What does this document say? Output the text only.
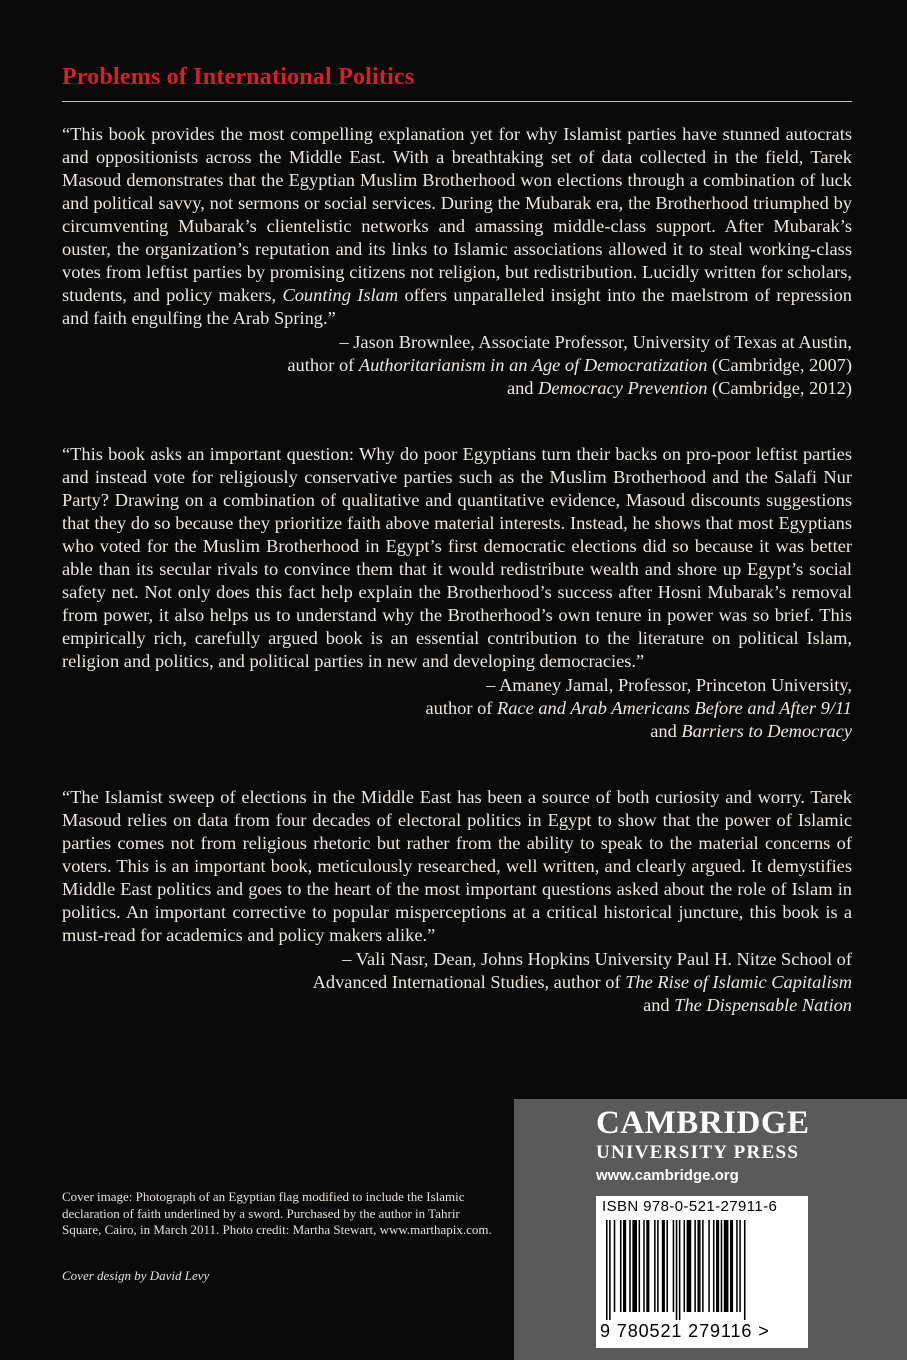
Problems of International Politics

“This book provides the most compelling explanation yet for why Islamist parties have stunned autocrats and oppositionists across the Middle East. With a breathtaking set of data collected in the field, Tarek Masoud demonstrates that the Egyptian Muslim Brotherhood won elections through a combination of luck and political savvy, not sermons or social services. During the Mubarak era, the Brotherhood triumphed by circumventing Mubarak’s clientelistic networks and amassing middle-class support. After Mubarak’s ouster, the organization’s reputation and its links to Islamic associations allowed it to steal working-class votes from leftist parties by promising citizens not religion, but redistribution. Lucidly written for scholars, students, and policy makers, Counting Islam offers unparalleled insight into the maelstrom of repression and faith engulfing the Arab Spring.”

– Jason Brownlee, Associate Professor, University of Texas at Austin,
author of Authoritarianism in an Age of Democratization (Cambridge, 2007)
and Democracy Prevention (Cambridge, 2012)

“This book asks an important question: Why do poor Egyptians turn their backs on pro-poor leftist parties and instead vote for religiously conservative parties such as the Muslim Brotherhood and the Salafi Nur Party? Drawing on a combination of qualitative and quantitative evidence, Masoud discounts suggestions that they do so because they prioritize faith above material interests. Instead, he shows that most Egyptians who voted for the Muslim Brotherhood in Egypt’s first democratic elections did so because it was better able than its secular rivals to convince them that it would redistribute wealth and shore up Egypt’s social safety net. Not only does this fact help explain the Brotherhood’s success after Hosni Mubarak’s removal from power, it also helps us to understand why the Brotherhood’s own tenure in power was so brief. This empirically rich, carefully argued book is an essential contribution to the literature on political Islam, religion and politics, and political parties in new and developing democracies.”

– Amaney Jamal, Professor, Princeton University,
author of Race and Arab Americans Before and After 9/11
and Barriers to Democracy

“The Islamist sweep of elections in the Middle East has been a source of both curiosity and worry. Tarek Masoud relies on data from four decades of electoral politics in Egypt to show that the power of Islamic parties comes not from religious rhetoric but rather from the ability to speak to the material concerns of voters. This is an important book, meticulously researched, well written, and clearly argued. It demystifies Middle East politics and goes to the heart of the most important questions asked about the role of Islam in politics. An important corrective to popular misperceptions at a critical historical juncture, this book is a must-read for academics and policy makers alike.”

– Vali Nasr, Dean, Johns Hopkins University Paul H. Nitze School of
Advanced International Studies, author of The Rise of Islamic Capitalism
and The Dispensable Nation
Cover image: Photograph of an Egyptian flag modified to include the Islamic declaration of faith underlined by a sword. Purchased by the author in Tahrir Square, Cairo, in March 2011. Photo credit: Martha Stewart, www.marthapix.com.
Cover design by David Levy
CAMBRIDGE
UNIVERSITY PRESS
www.cambridge.org
ISBN 978-0-521-27911-6
9 780521 279116 >
